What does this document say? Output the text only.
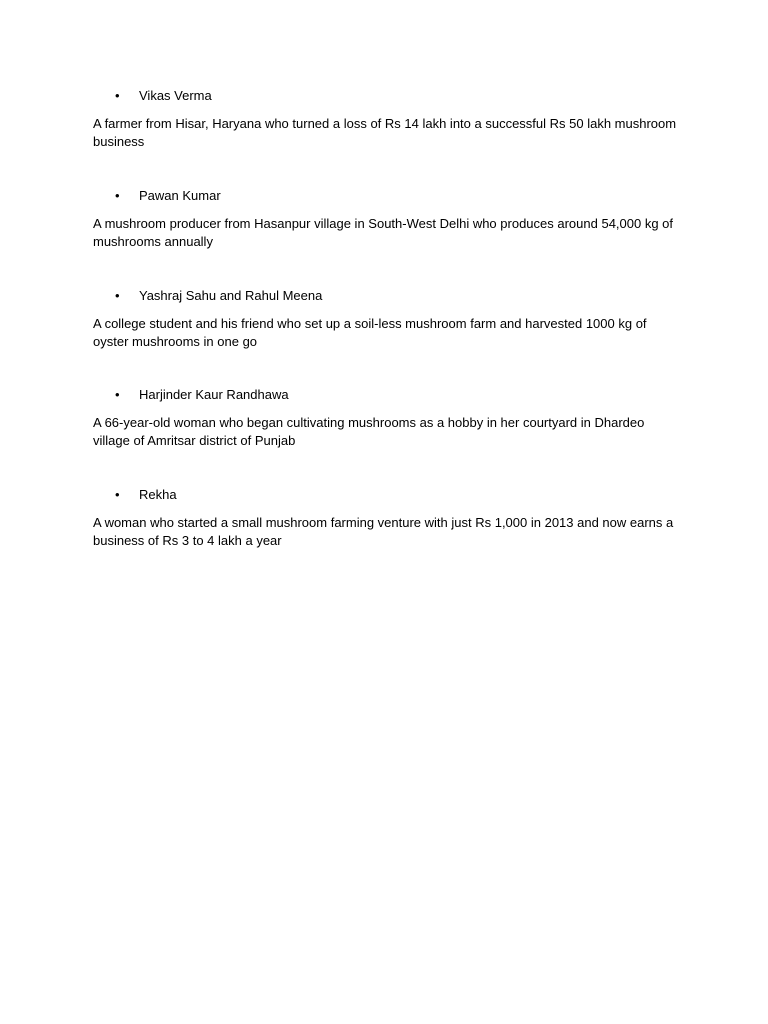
• Vikas Verma
A farmer from Hisar, Haryana who turned a loss of Rs 14 lakh into a successful Rs 50 lakh mushroom business
• Pawan Kumar
A mushroom producer from Hasanpur village in South-West Delhi who produces around 54,000 kg of mushrooms annually
• Yashraj Sahu and Rahul Meena
A college student and his friend who set up a soil-less mushroom farm and harvested 1000 kg of oyster mushrooms in one go
• Harjinder Kaur Randhawa
A 66-year-old woman who began cultivating mushrooms as a hobby in her courtyard in Dhardeo village of Amritsar district of Punjab
• Rekha
A woman who started a small mushroom farming venture with just Rs 1,000 in 2013 and now earns a business of Rs 3 to 4 lakh a year
